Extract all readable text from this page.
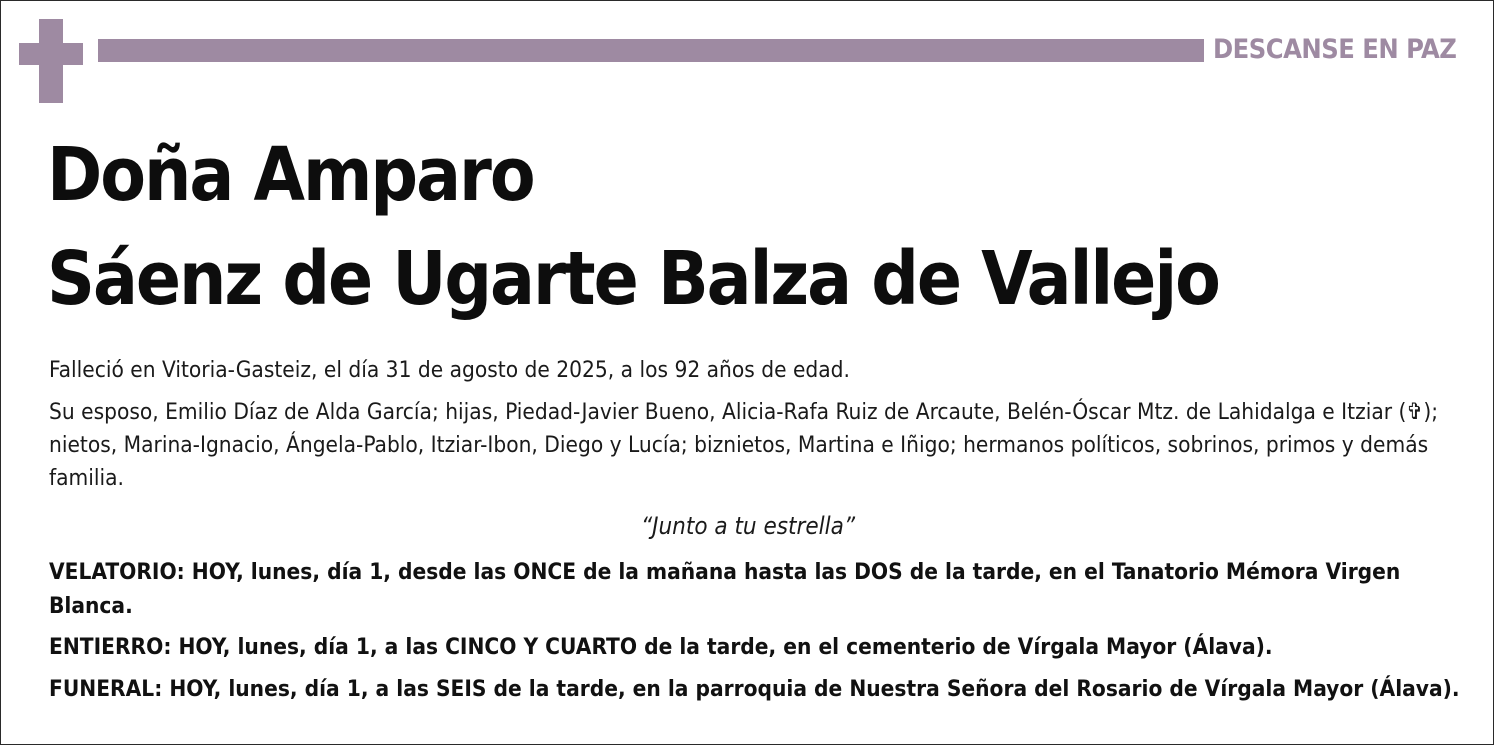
DESCANSE EN PAZ
Doña Amparo
Sáenz de Ugarte Balza de Vallejo
Falleció en Vitoria-Gasteiz, el día 31 de agosto de 2025, a los 92 años de edad.
Su esposo, Emilio Díaz de Alda García; hijas, Piedad-Javier Bueno, Alicia-Rafa Ruiz de Arcaute, Belén-Óscar Mtz. de Lahidalga e Itziar (✞); nietos, Marina-Ignacio, Ángela-Pablo, Itziar-Ibon, Diego y Lucía; biznietos, Martina e Iñigo; hermanos políticos, sobrinos, primos y demás familia.
“Junto a tu estrella”
VELATORIO: HOY, lunes, día 1, desde las ONCE de la mañana hasta las DOS de la tarde, en el Tanatorio Mémora Virgen Blanca.
ENTIERRO: HOY, lunes, día 1, a las CINCO Y CUARTO de la tarde, en el cementerio de Vírgala Mayor (Álava).
FUNERAL: HOY, lunes, día 1, a las SEIS de la tarde, en la parroquia de Nuestra Señora del Rosario de Vírgala Mayor (Álava).
